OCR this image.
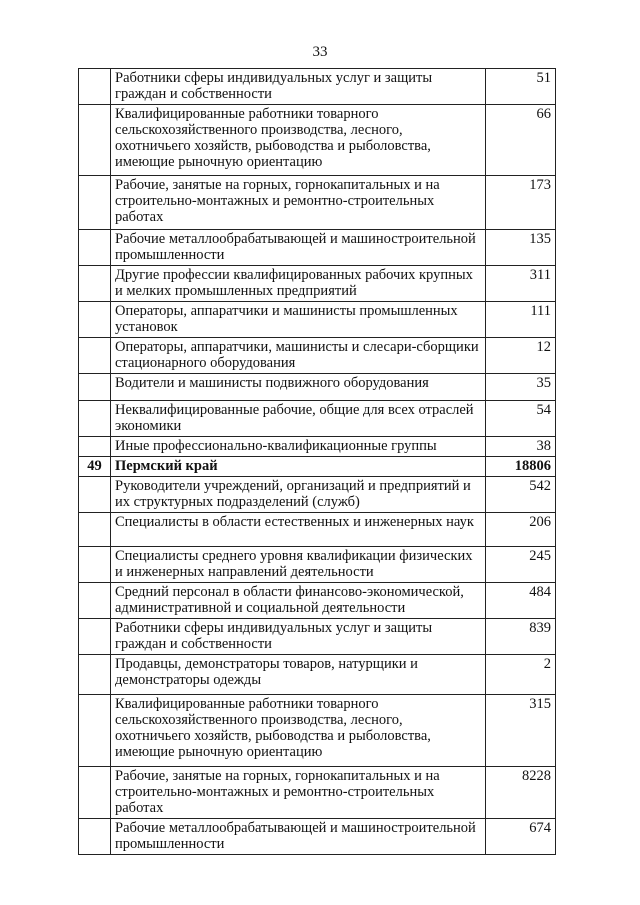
33
	Работники сферы индивидуальных услуг и защиты граждан и собственности	51
	Квалифицированные работники товарного сельскохозяйственного производства, лесного, охотничьего хозяйств, рыбоводства и рыболовства, имеющие рыночную ориентацию	66
	Рабочие, занятые на горных, горнокапитальных и на строительно-монтажных и ремонтно-строительных работах	173
	Рабочие металлообрабатывающей и машиностроительной промышленности	135
	Другие профессии квалифицированных рабочих крупных и мелких промышленных предприятий	311
	Операторы, аппаратчики и машинисты промышленных установок	111
	Операторы, аппаратчики, машинисты и слесари-сборщики стационарного оборудования	12
	Водители и машинисты подвижного оборудования	35
	Неквалифицированные рабочие, общие для всех отраслей экономики	54
	Иные профессионально-квалификационные группы	38
49	Пермский край	18806
	Руководители учреждений, организаций и предприятий и их структурных подразделений (служб)	542
	Специалисты в области естественных и инженерных наук	206
	Специалисты среднего уровня квалификации физических и инженерных направлений деятельности	245
	Средний персонал в области финансово-экономической, административной и социальной деятельности	484
	Работники сферы индивидуальных услуг и защиты граждан и собственности	839
	Продавцы, демонстраторы товаров, натурщики и демонстраторы одежды	2
	Квалифицированные работники товарного сельскохозяйственного производства, лесного, охотничьего хозяйств, рыбоводства и рыболовства, имеющие рыночную ориентацию	315
	Рабочие, занятые на горных, горнокапитальных и на строительно-монтажных и ремонтно-строительных работах	8228
	Рабочие металлообрабатывающей и машиностроительной промышленности	674
